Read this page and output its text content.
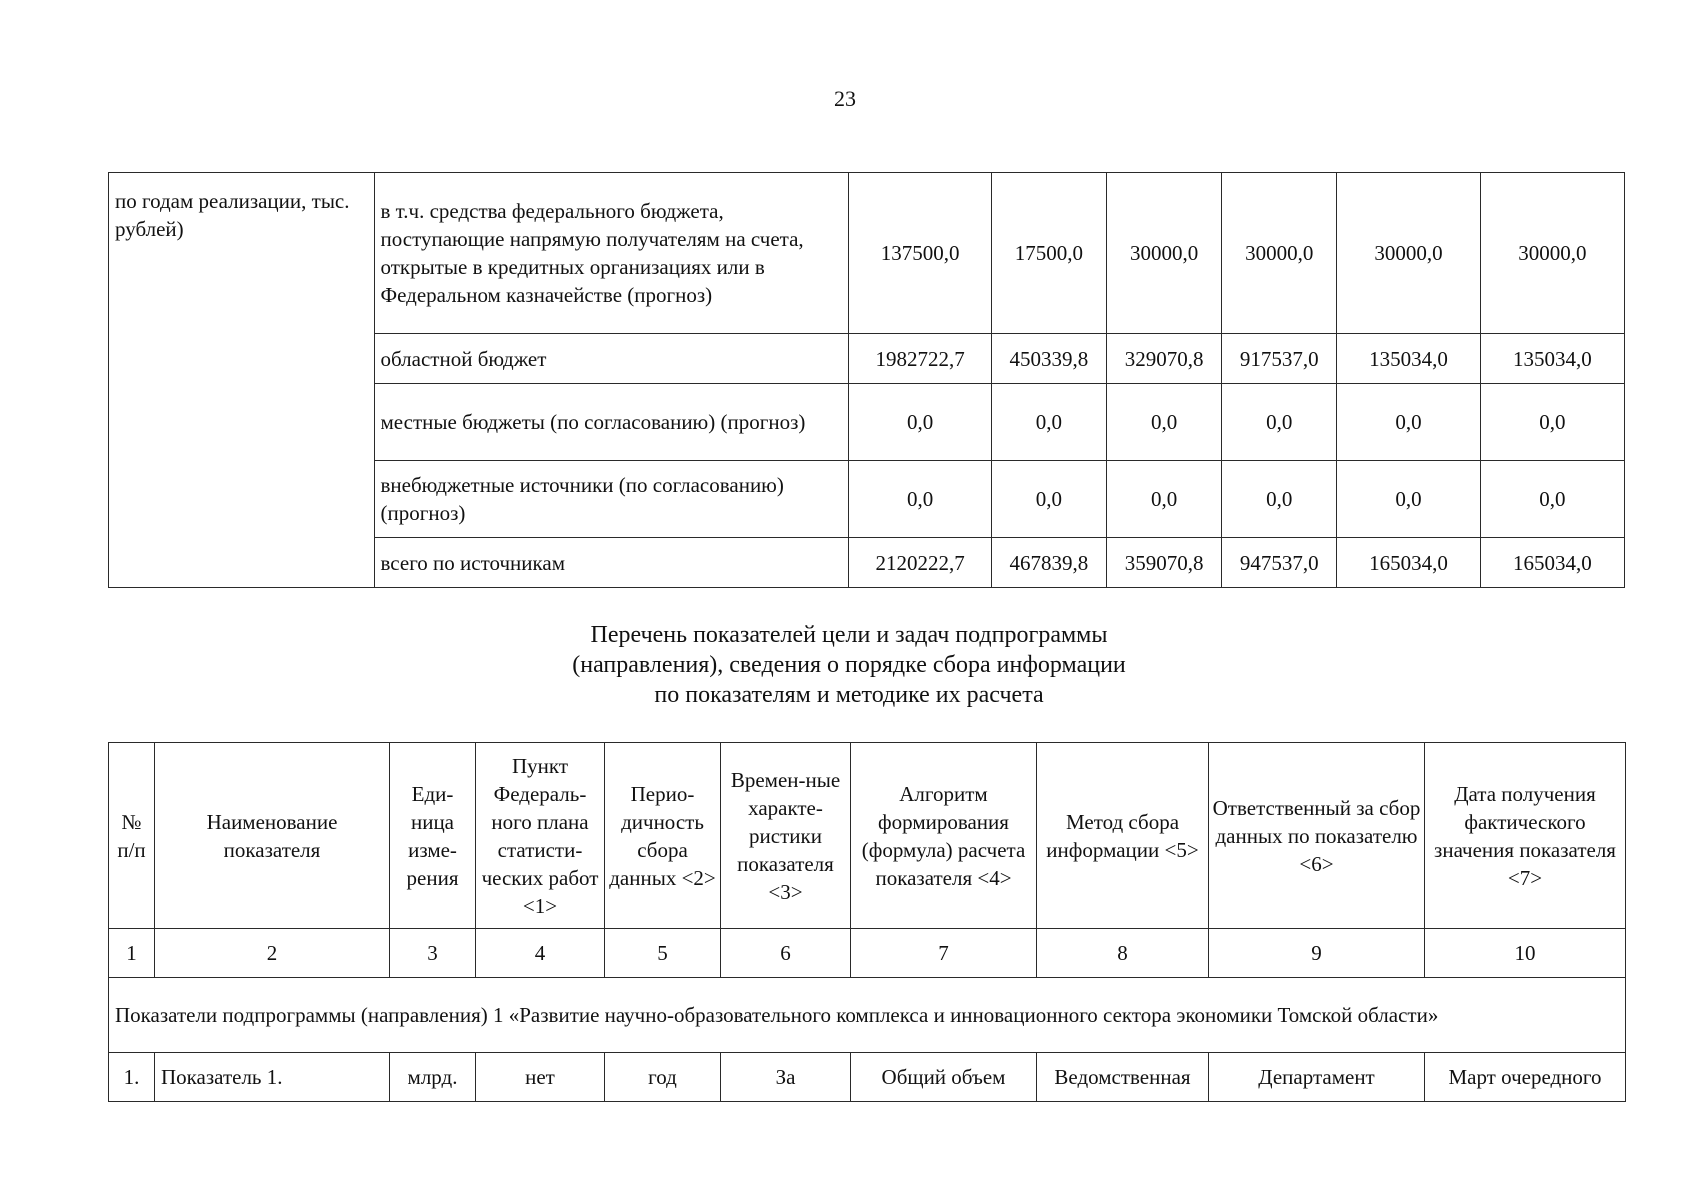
23
по годам реализации, тыс. рублей)	в т.ч. средства федерального бюджета, поступающие напрямую получателям на счета, открытые в кредитных организациях или в Федеральном казначействе (прогноз)	137500,0	17500,0	30000,0	30000,0	30000,0	30000,0
	областной бюджет	1982722,7	450339,8	329070,8	917537,0	135034,0	135034,0
	местные бюджеты (по согласованию) (прогноз)	0,0	0,0	0,0	0,0	0,0	0,0
	внебюджетные источники (по согласованию) (прогноз)	0,0	0,0	0,0	0,0	0,0	0,0
	всего по источникам	2120222,7	467839,8	359070,8	947537,0	165034,0	165034,0
Перечень показателей цели и задач подпрограммы
(направления), сведения о порядке сбора информации
по показателям и методике их расчета
№ п/п	Наименование показателя	Еди-ница изме-рения	Пункт Федераль-ного плана статисти-ческих работ <1>	Перио-дичность сбора данных <2>	Времен-ные характе-ристики показателя <3>	Алгоритм формирования (формула) расчета показателя <4>	Метод сбора информации <5>	Ответственный за сбор данных по показателю <6>	Дата получения фактического значения показателя <7>
1	2	3	4	5	6	7	8	9	10
Показатели подпрограммы (направления) 1 «Развитие научно-образовательного комплекса и инновационного сектора экономики Томской области»									
1.	Показатель 1.	млрд.	нет	год	За	Общий объем	Ведомственная	Департамент	Март очередного
